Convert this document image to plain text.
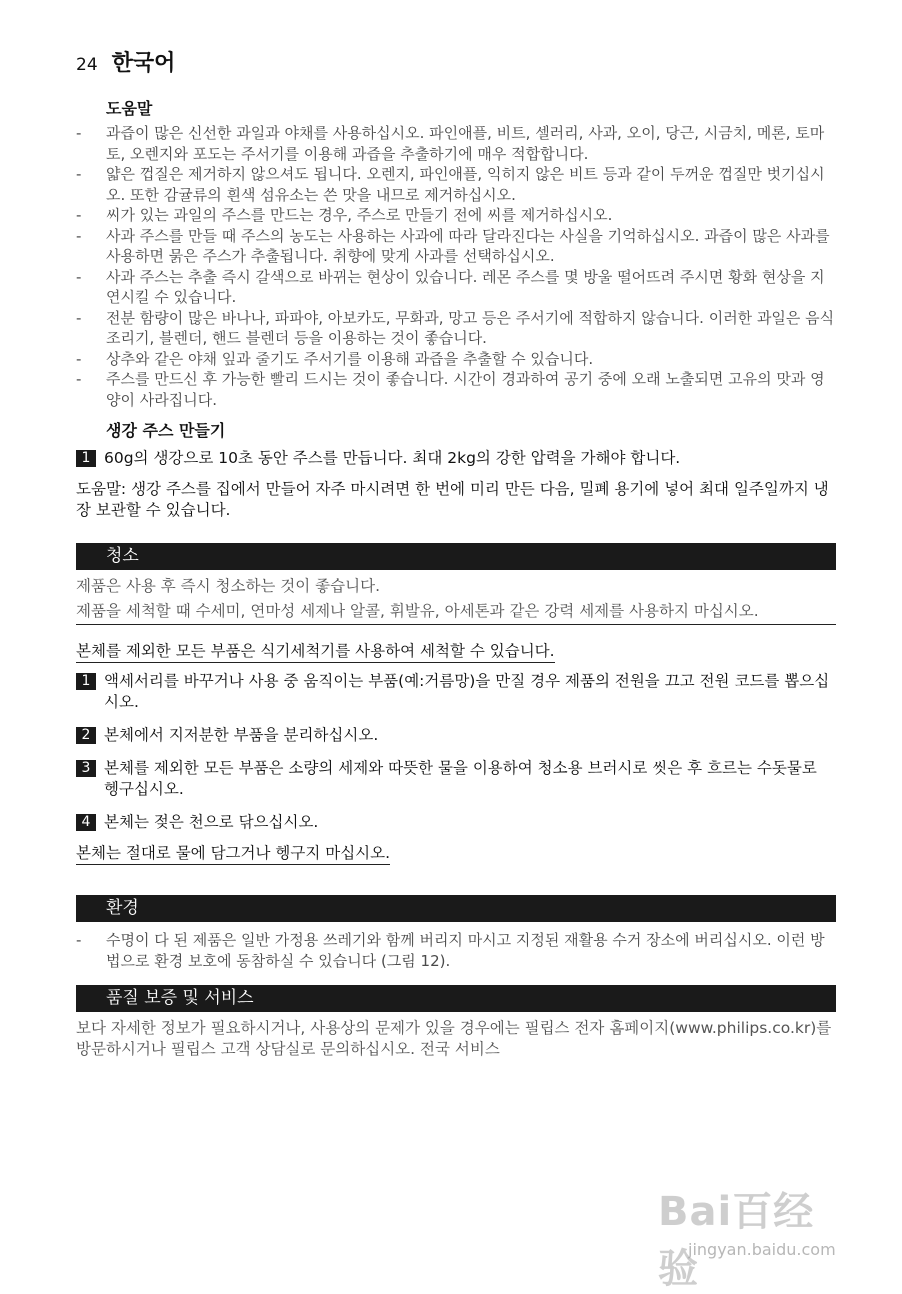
24 한국어
도움말
- 과즙이 많은 신선한 과일과 야채를 사용하십시오. 파인애플, 비트, 셀러리, 사과, 오이, 당근, 시금치, 메론, 토마토, 오렌지와 포도는 주서기를 이용해 과즙을 추출하기에 매우 적합합니다.
- 얇은 껍질은 제거하지 않으셔도 됩니다. 오렌지, 파인애플, 익히지 않은 비트 등과 같이 두꺼운 껍질만 벗기십시오. 또한 감귤류의 흰색 섬유소는 쓴 맛을 내므로 제거하십시오.
- 씨가 있는 과일의 주스를 만드는 경우, 주스로 만들기 전에 씨를 제거하십시오.
- 사과 주스를 만들 때 주스의 농도는 사용하는 사과에 따라 달라진다는 사실을 기억하십시오. 과즙이 많은 사과를 사용하면 묽은 주스가 추출됩니다. 취향에 맞게 사과를 선택하십시오.
- 사과 주스는 추출 즉시 갈색으로 바뀌는 현상이 있습니다. 레몬 주스를 몇 방울 떨어뜨려 주시면 황화 현상을 지연시킬 수 있습니다.
- 전분 함량이 많은 바나나, 파파야, 아보카도, 무화과, 망고 등은 주서기에 적합하지 않습니다. 이러한 과일은 음식 조리기, 블렌더, 핸드 블렌더 등을 이용하는 것이 좋습니다.
- 상추와 같은 야채 잎과 줄기도 주서기를 이용해 과즙을 추출할 수 있습니다.
- 주스를 만드신 후 가능한 빨리 드시는 것이 좋습니다. 시간이 경과하여 공기 중에 오래 노출되면 고유의 맛과 영양이 사라집니다.
생강 주스 만들기
1 60g의 생강으로 10초 동안 주스를 만듭니다. 최대 2kg의 강한 압력을 가해야 합니다.
도움말: 생강 주스를 집에서 만들어 자주 마시려면 한 번에 미리 만든 다음, 밀폐 용기에 넣어 최대 일주일까지 냉장 보관할 수 있습니다.
청소
제품은 사용 후 즉시 청소하는 것이 좋습니다.
제품을 세척할 때 수세미, 연마성 세제나 알콜, 휘발유, 아세톤과 같은 강력 세제를 사용하지 마십시오.
본체를 제외한 모든 부품은 식기세척기를 사용하여 세척할 수 있습니다.
1 액세서리를 바꾸거나 사용 중 움직이는 부품(예:거름망)을 만질 경우 제품의 전원을 끄고 전원 코드를 뽑으십시오.
2 본체에서 지저분한 부품을 분리하십시오.
3 본체를 제외한 모든 부품은 소량의 세제와 따뜻한 물을 이용하여 청소용 브러시로 씻은 후 흐르는 수돗물로 헹구십시오.
4 본체는 젖은 천으로 닦으십시오.
본체는 절대로 물에 담그거나 헹구지 마십시오.
환경
- 수명이 다 된 제품은 일반 가정용 쓰레기와 함께 버리지 마시고 지정된 재활용 수거 장소에 버리십시오. 이런 방법으로 환경 보호에 동참하실 수 있습니다 (그림 12).
품질 보증 및 서비스
보다 자세한 정보가 필요하시거나, 사용상의 문제가 있을 경우에는 필립스 전자 홈페이지(www.philips.co.kr)를 방문하시거나 필립스 고객 상담실로 문의하십시오. 전국 서비스
Bai百经验
jingyan.baidu.com
